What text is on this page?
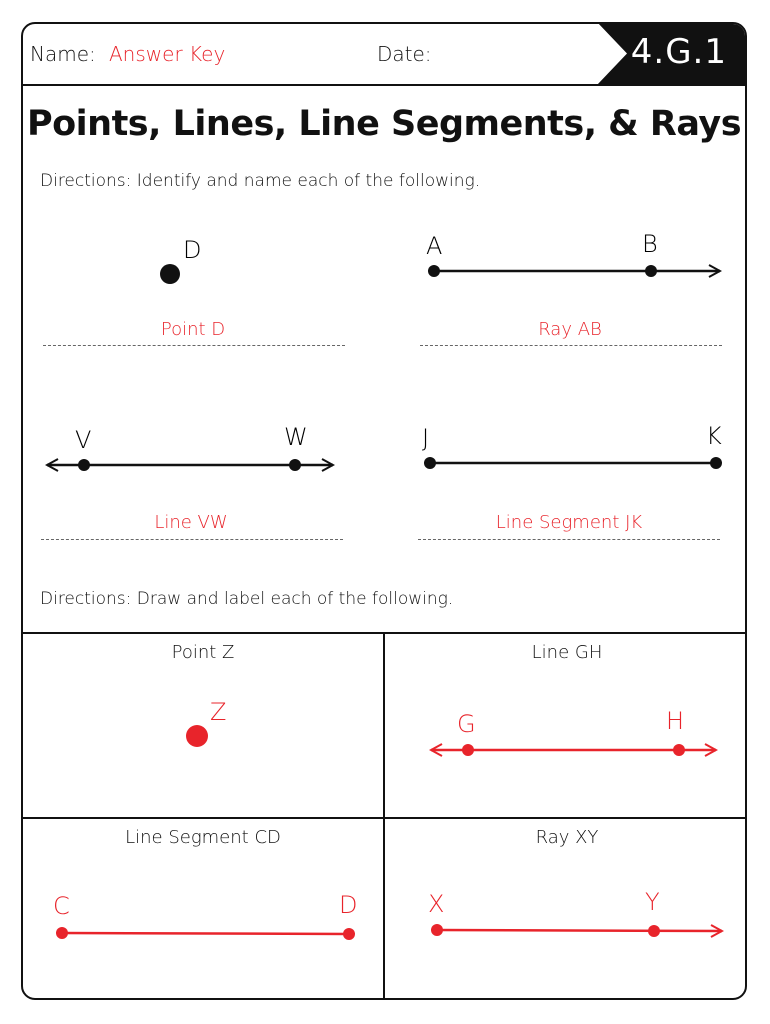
Name: Answer Key	Date:	4.G.1
Points, Lines, Line Segments, & Rays
Directions: Identify and name each of the following.
D	A	B
V	W	J	K
Point D	Ray AB
Line VW	Line Segment JK
Directions: Draw and label each of the following.
Point Z	Line GH
Line Segment CD	Ray XY
Z	G	H
C	D	X	Y
